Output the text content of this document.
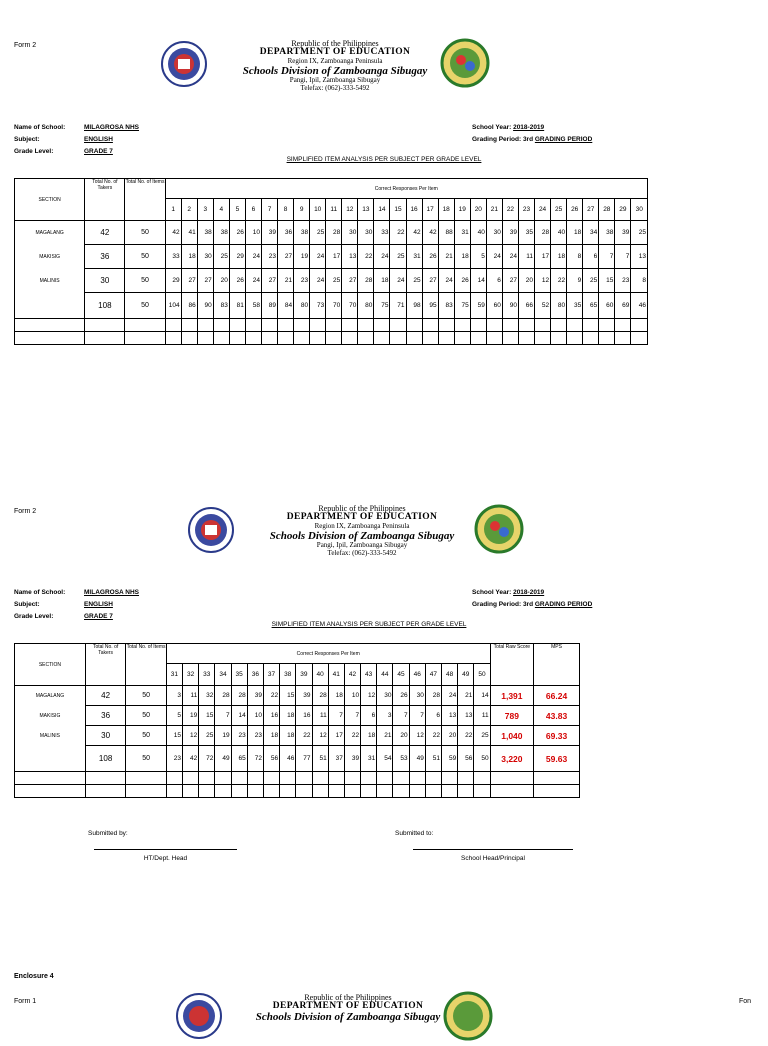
Form 2	Republic of the Philippines
DEPARTMENT OF EDUCATION
Region IX, Zamboanga Peninsula
Schools Division of Zamboanga Sibugay
Pangi, Ipil, Zamboanga Sibugay
Telefax: (062)-333-5492
Name of School:	MILAGROSA NHS
Subject:	ENGLISH
Grade Level:	GRADE 7
School Year: 2018-2019
Grading Period: 3rd GRADING PERIOD
SIMPLIFIED ITEM ANALYSIS PER SUBJECT PER GRADE LEVEL
SECTION	Total No. of Takers	Total No. of Items	Correct Responses Per Item																													
			1	2	3	4	5	6	7	8	9	10	11	12	13	14	15	16	17	18	19	20	21	22	23	24	25	26	27	28	29	30
MAGALANG	42	50	42	41	38	38	26	10	39	36	38	25	28	30	30	33	22	42	42	88	31	40	30	39	35	28	40	18	34	38	39	25
MAKISIG	36	50	33	18	30	25	29	24	23	27	19	24	17	13	22	24	25	31	26	21	18	5	24	24	11	17	18	8	6	7	7	13
MALINIS	30	50	29	27	27	20	26	24	27	21	23	24	25	27	28	18	24	25	27	24	26	14	6	27	20	12	22	9	25	15	23	8
	108	50	104	86	90	83	81	58	89	84	80	73	70	70	80	75	71	98	95	83	75	59	60	90	66	52	80	35	65	60	69	46

Form 2	Republic of the Philippines
DEPARTMENT OF EDUCATION
Region IX, Zamboanga Peninsula
Schools Division of Zamboanga Sibugay
Pangi, Ipil, Zamboanga Sibugay
Telefax: (062)-333-5492
Name of School:	MILAGROSA NHS
Subject:	ENGLISH
Grade Level:	GRADE 7
School Year: 2018-2019
Grading Period: 3rd GRADING PERIOD
SIMPLIFIED ITEM ANALYSIS PER SUBJECT PER GRADE LEVEL
SECTION	Total No. of Takers	Total No. of Items	Correct Responses Per Item																				Total Raw Score	MPS
			31	32	33	34	35	36	37	38	39	40	41	42	43	44	45	46	47	48	49	50		
MAGALANG	42	50	3	11	32	28	28	39	22	15	39	28	18	10	12	30	26	30	28	24	21	14	1,391	66.24
MAKISIG	36	50	5	19	15	7	14	10	16	18	16	11	7	7	6	3	7	7	6	13	13	11	789	43.83
MALINIS	30	50	15	12	25	19	23	23	18	18	22	12	17	22	18	21	20	12	22	20	22	25	1,040	69.33
	108	50	23	42	72	49	65	72	56	46	77	51	37	39	31	54	53	49	51	59	56	50	3,220	59.63

Submitted by:	Submitted to:
HT/Dept. Head	School Head/Principal
Enclosure 4
Form 1	Fon
Republic of the Philippines
DEPARTMENT OF EDUCATION
Schools Division of Zamboanga Sibugay
